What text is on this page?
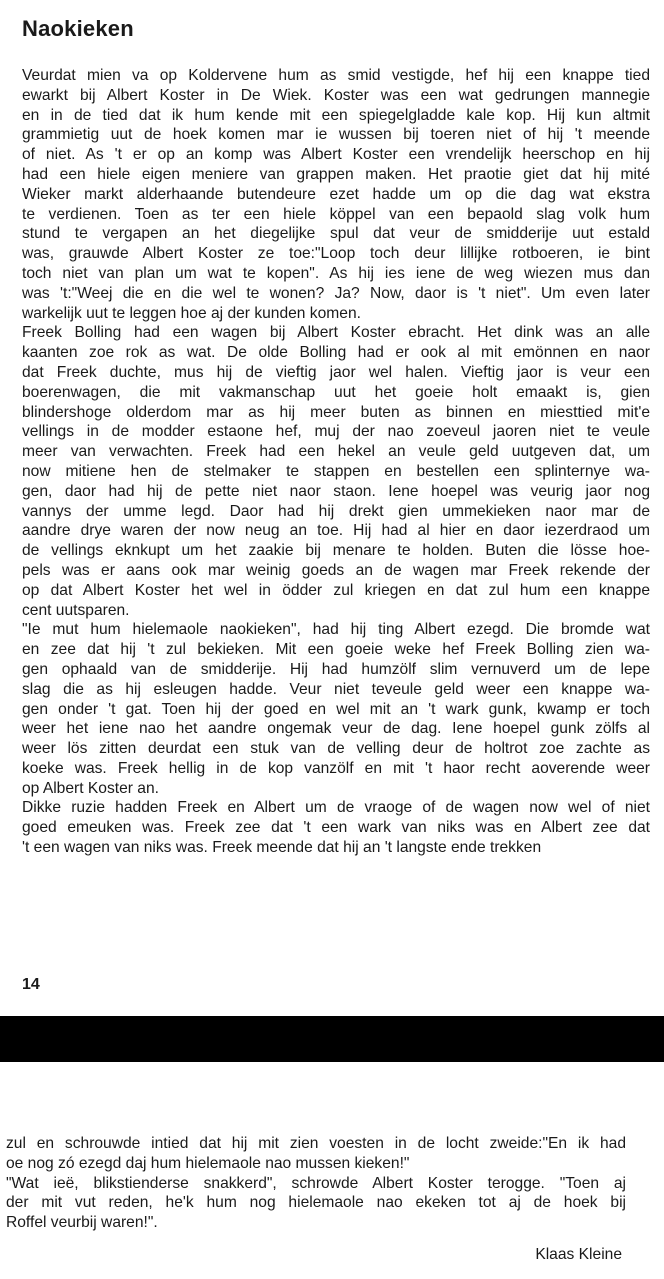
Naokieken
Veurdat mien va op Koldervene hum as smid vestigde, hef hij een knappe tied
ewarkt bij Albert Koster in De Wiek. Koster was een wat gedrungen mannegie
en in de tied dat ik hum kende mit een spiegelgladde kale kop. Hij kun altmit
grammietig uut de hoek komen mar ie wussen bij toeren niet of hij 't meende
of niet. As 't er op an komp was Albert Koster een vrendelijk heerschop en hij
had een hiele eigen meniere van grappen maken. Het praotie giet dat hij mité
Wieker markt alderhaande butendeure ezet hadde um op die dag wat ekstra
te verdienen. Toen as ter een hiele köppel van een bepaold slag volk hum
stund te vergapen an het diegelijke spul dat veur de smidderije uut estald
was, grauwde Albert Koster ze toe:"Loop toch deur lillijke rotboeren, ie bint
toch niet van plan um wat te kopen". As hij ies iene de weg wiezen mus dan
was 't:"Weej die en die wel te wonen? Ja? Now, daor is 't niet". Um even later
warkelijk uut te leggen hoe aj der kunden komen.
Freek Bolling had een wagen bij Albert Koster ebracht. Het dink was an alle
kaanten zoe rok as wat. De olde Bolling had er ook al mit emönnen en naor
dat Freek duchte, mus hij de vieftig jaor wel halen. Vieftig jaor is veur een
boerenwagen, die mit vakmanschap uut het goeie holt emaakt is, gien
blindershoge olderdom mar as hij meer buten as binnen en miesttied mit'e
vellings in de modder estaone hef, muj der nao zoeveul jaoren niet te veule
meer van verwachten. Freek had een hekel an veule geld uutgeven dat, um
now mitiene hen de stelmaker te stappen en bestellen een splinternye wa-
gen, daor had hij de pette niet naor staon. Iene hoepel was veurig jaor nog
vannys der umme legd. Daor had hij drekt gien ummekieken naor mar de
aandre drye waren der now neug an toe. Hij had al hier en daor iezerdraod um
de vellings eknkupt um het zaakie bij menare te holden. Buten die lösse hoe-
pels was er aans ook mar weinig goeds an de wagen mar Freek rekende der
op dat Albert Koster het wel in ödder zul kriegen en dat zul hum een knappe
cent uutsparen.
"Ie mut hum hielemaole naokieken", had hij ting Albert ezegd. Die bromde wat
en zee dat hij 't zul bekieken. Mit een goeie weke hef Freek Bolling zien wa-
gen ophaald van de smidderije. Hij had humzölf slim vernuverd um de lepe
slag die as hij esleugen hadde. Veur niet teveule geld weer een knappe wa-
gen onder 't gat. Toen hij der goed en wel mit an 't wark gunk, kwamp er toch
weer het iene nao het aandre ongemak veur de dag. Iene hoepel gunk zölfs al
weer lös zitten deurdat een stuk van de velling deur de holtrot zoe zachte as
koeke was. Freek hellig in de kop vanzölf en mit 't haor recht aoverende weer
op Albert Koster an.
Dikke ruzie hadden Freek en Albert um de vraoge of de wagen now wel of niet
goed emeuken was. Freek zee dat 't een wark van niks was en Albert zee dat
't een wagen van niks was. Freek meende dat hij an 't langste ende trekken
14
zul en schrouwde intied dat hij mit zien voesten in de locht zweide:"En ik had
oe nog zó ezegd daj hum hielemaole nao mussen kieken!"
"Wat ieë, blikstienderse snakkerd", schrowde Albert Koster terogge. "Toen aj
der mit vut reden, he'k hum nog hielemaole nao ekeken tot aj de hoek bij
Roffel veurbij waren!".
Klaas Kleine
